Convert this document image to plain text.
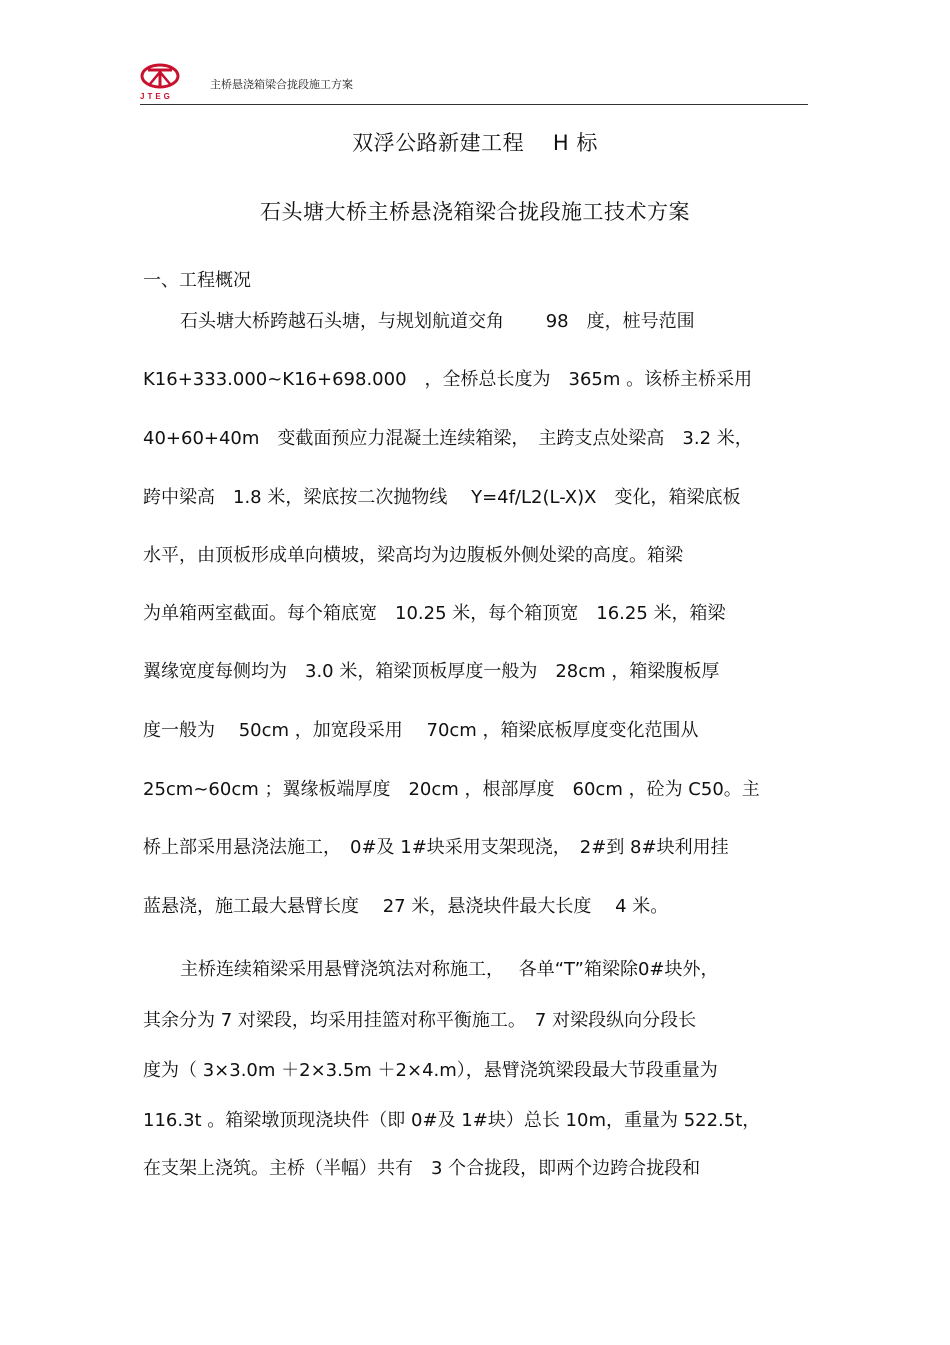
JTEG
主桥悬浇箱梁合拢段施工方案
双浮公路新建工程　 H 标
石头塘大桥主桥悬浇箱梁合拢段施工技术方案
一、工程概况
石头塘大桥跨越石头塘，与规划航道交角　　 98　度，桩号范围
K16+333.000~K16+698.000　，全桥总长度为　365m 。该桥主桥采用
40+60+40m　变截面预应力混凝土连续箱梁，　主跨支点处梁高　3.2 米，
跨中梁高　1.8 米，梁底按二次抛物线　 Y=4f/L2(L-X)X　变化，箱梁底板
水平，由顶板形成单向横坡，梁高均为边腹板外侧处梁的高度。箱梁
为单箱两室截面。每个箱底宽　10.25 米，每个箱顶宽　16.25 米，箱梁
翼缘宽度每侧均为　3.0 米，箱梁顶板厚度一般为　28cm ，箱梁腹板厚
度一般为　 50cm ，加宽段采用　 70cm ，箱梁底板厚度变化范围从
25cm~60cm ；翼缘板端厚度　20cm ，根部厚度　60cm ，砼为 C50。主
桥上部采用悬浇法施工，　0#及 1#块采用支架现浇，　2#到 8#块利用挂
蓝悬浇，施工最大悬臂长度　 27 米，悬浇块件最大长度　 4 米。
主桥连续箱梁采用悬臂浇筑法对称施工，　 各单“T”箱梁除0#块外，
其余分为 7 对梁段，均采用挂篮对称平衡施工。　7 对梁段纵向分段长
度为（ 3×3.0m ＋2×3.5m ＋2×4.m），悬臂浇筑梁段最大节段重量为
116.3t 。箱梁墩顶现浇块件（即 0#及 1#块）总长 10m，重量为 522.5t，
在支架上浇筑。主桥（半幅）共有　3 个合拢段，即两个边跨合拢段和
